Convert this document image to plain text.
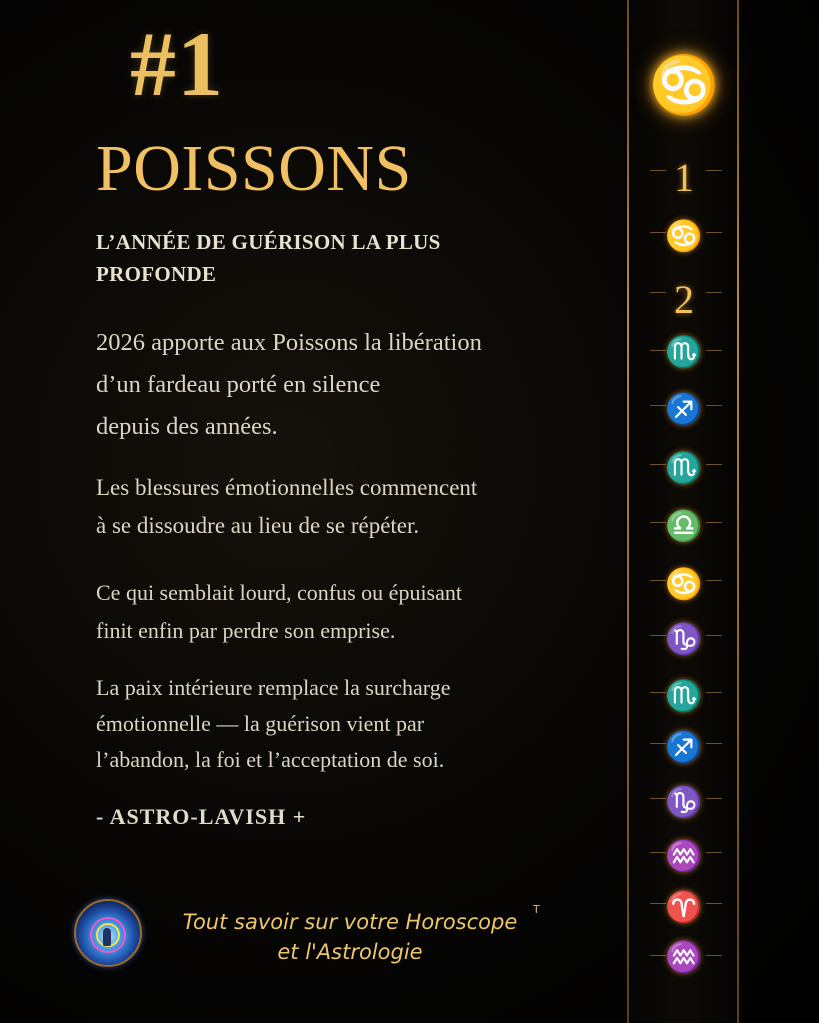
#1
POISSONS
L’ANNÉE DE GUÉRISON LA PLUS PROFONDE
2026 apporte aux Poissons la libération
d’un fardeau porté en silence
depuis des années.
Les blessures émotionnelles commencent
à se dissoudre au lieu de se répéter.
Ce qui semblait lourd, confus ou épuisant
finit enfin par perdre son emprise.
La paix intérieure remplace la surcharge
émotionnelle — la guérison vient par
l’abandon, la foi et l’acceptation de soi.
- ASTRO-LAVISH +
Tout savoir sur votre Horoscope
et l'Astrologie
T
♋
1
♋
2
♏
♐
♏
♎
♋
♑
♏
♐
♑
♒
♈
♒
